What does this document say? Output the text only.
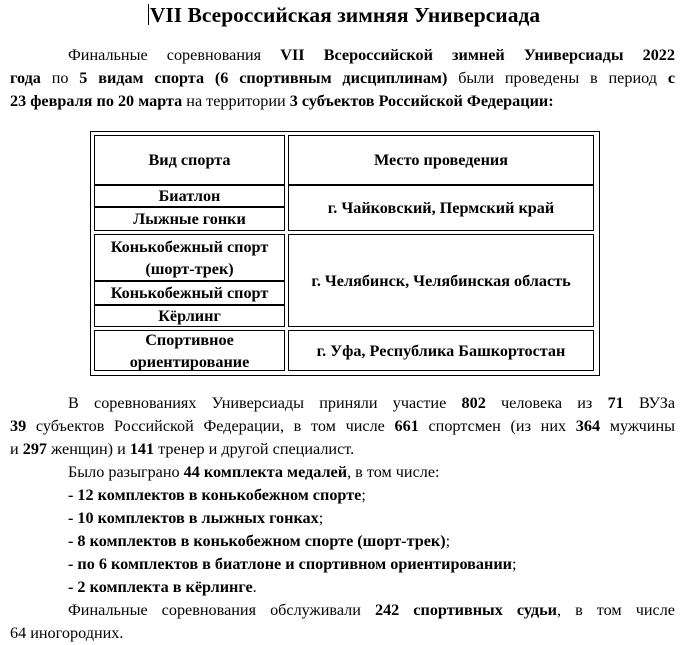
VII Всероссийская зимняя Универсиада
Финальные соревнования VII Всероссийской зимней Универсиады 2022
года по 5 видам спорта (6 спортивным дисциплинам) были проведены в период с
23 февраля по 20 марта на территории 3 субъектов Российской Федерации:
Вид спорта	Место проведения
Биатлон
Лыжные гонки
г. Чайковский, Пермский край
Конькобежный спорт
(шорт-трек)
Конькобежный спорт
Кёрлинг
г. Челябинск, Челябинская область
Спортивное
ориентирование
г. Уфа, Республика Башкортостан
В соревнованиях Универсиады приняли участие 802 человека из 71 ВУЗа
39 субъектов Российской Федерации, в том числе 661 спортсмен (из них 364 мужчины
и 297 женщин) и 141 тренер и другой специалист.
Было разыграно 44 комплекта медалей, в том числе:
- 12 комплектов в конькобежном спорте;
- 10 комплектов в лыжных гонках;
- 8 комплектов в конькобежном спорте (шорт-трек);
- по 6 комплектов в биатлоне и спортивном ориентировании;
- 2 комплекта в кёрлинге.
Финальные соревнования обслуживали 242 спортивных судьи, в том числе
64 иногородних.
